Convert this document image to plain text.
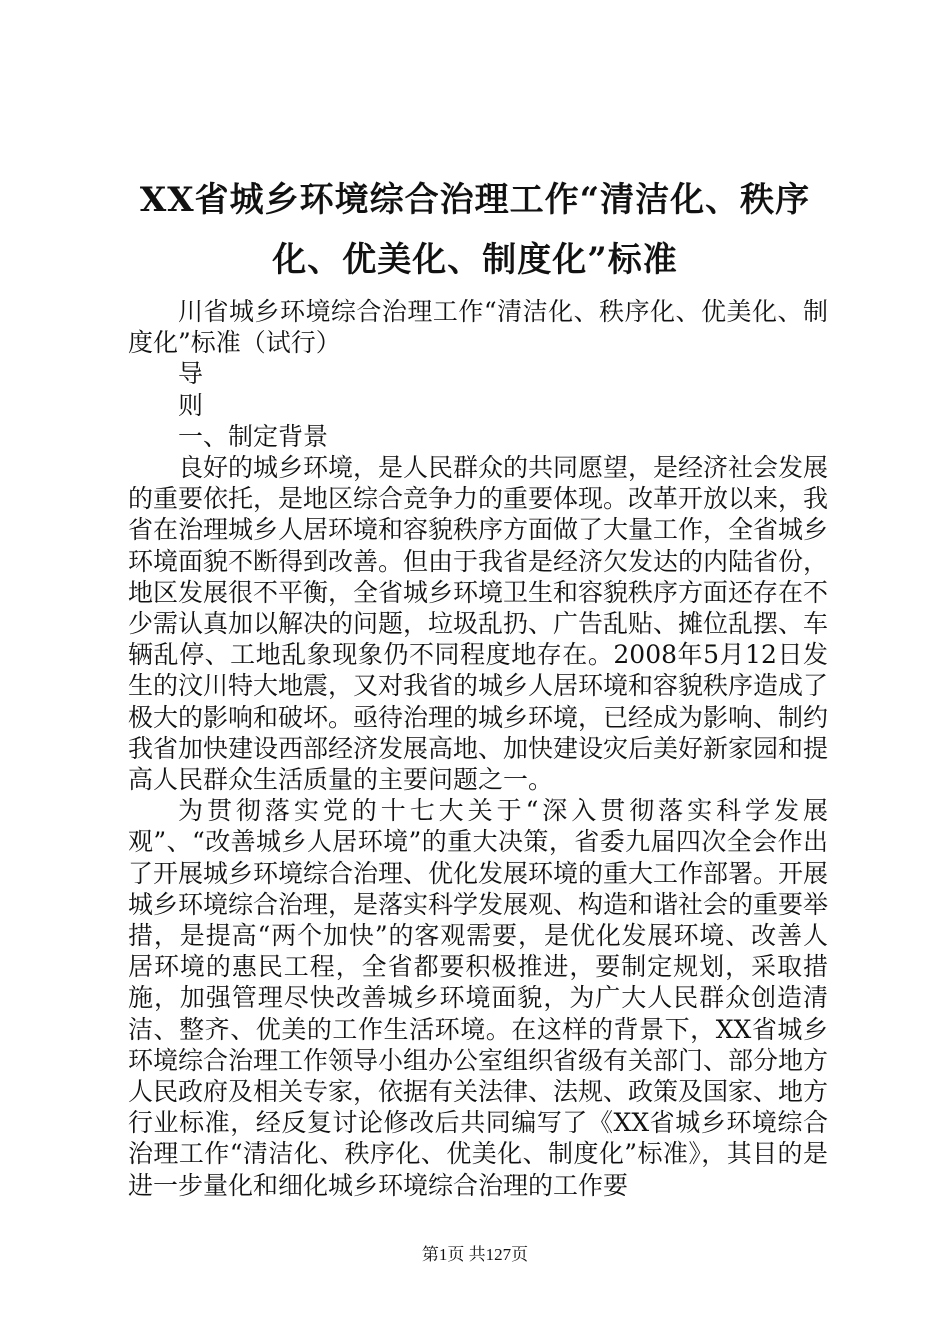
XX省城乡环境综合治理工作“清洁化、秩序化、优美化、制度化”标准

川省城乡环境综合治理工作“清洁化、秩序化、优美化、制度化”标准（试行）

导

则

一、制定背景

良好的城乡环境，是人民群众的共同愿望，是经济社会发展的重要依托，是地区综合竞争力的重要体现。改革开放以来，我省在治理城乡人居环境和容貌秩序方面做了大量工作，全省城乡环境面貌不断得到改善。但由于我省是经济欠发达的内陆省份，地区发展很不平衡，全省城乡环境卫生和容貌秩序方面还存在不少需认真加以解决的问题，垃圾乱扔、广告乱贴、摊位乱摆、车辆乱停、工地乱象现象仍不同程度地存在。2008年5月12日发生的汶川特大地震，又对我省的城乡人居环境和容貌秩序造成了极大的影响和破坏。亟待治理的城乡环境，已经成为影响、制约我省加快建设西部经济发展高地、加快建设灾后美好新家园和提高人民群众生活质量的主要问题之一。

为贯彻落实党的十七大关于“深入贯彻落实科学发展观”、“改善城乡人居环境”的重大决策，省委九届四次全会作出了开展城乡环境综合治理、优化发展环境的重大工作部署。开展城乡环境综合治理，是落实科学发展观、构造和谐社会的重要举措，是提高“两个加快”的客观需要，是优化发展环境、改善人居环境的惠民工程，全省都要积极推进，要制定规划，采取措施，加强管理尽快改善城乡环境面貌，为广大人民群众创造清洁、整齐、优美的工作生活环境。在这样的背景下，XX省城乡环境综合治理工作领导小组办公室组织省级有关部门、部分地方人民政府及相关专家，依据有关法律、法规、政策及国家、地方行业标准，经反复讨论修改后共同编写了《XX省城乡环境综合治理工作“清洁化、秩序化、优美化、制度化”标准》，其目的是进一步量化和细化城乡环境综合治理的工作要

第1页 共127页
